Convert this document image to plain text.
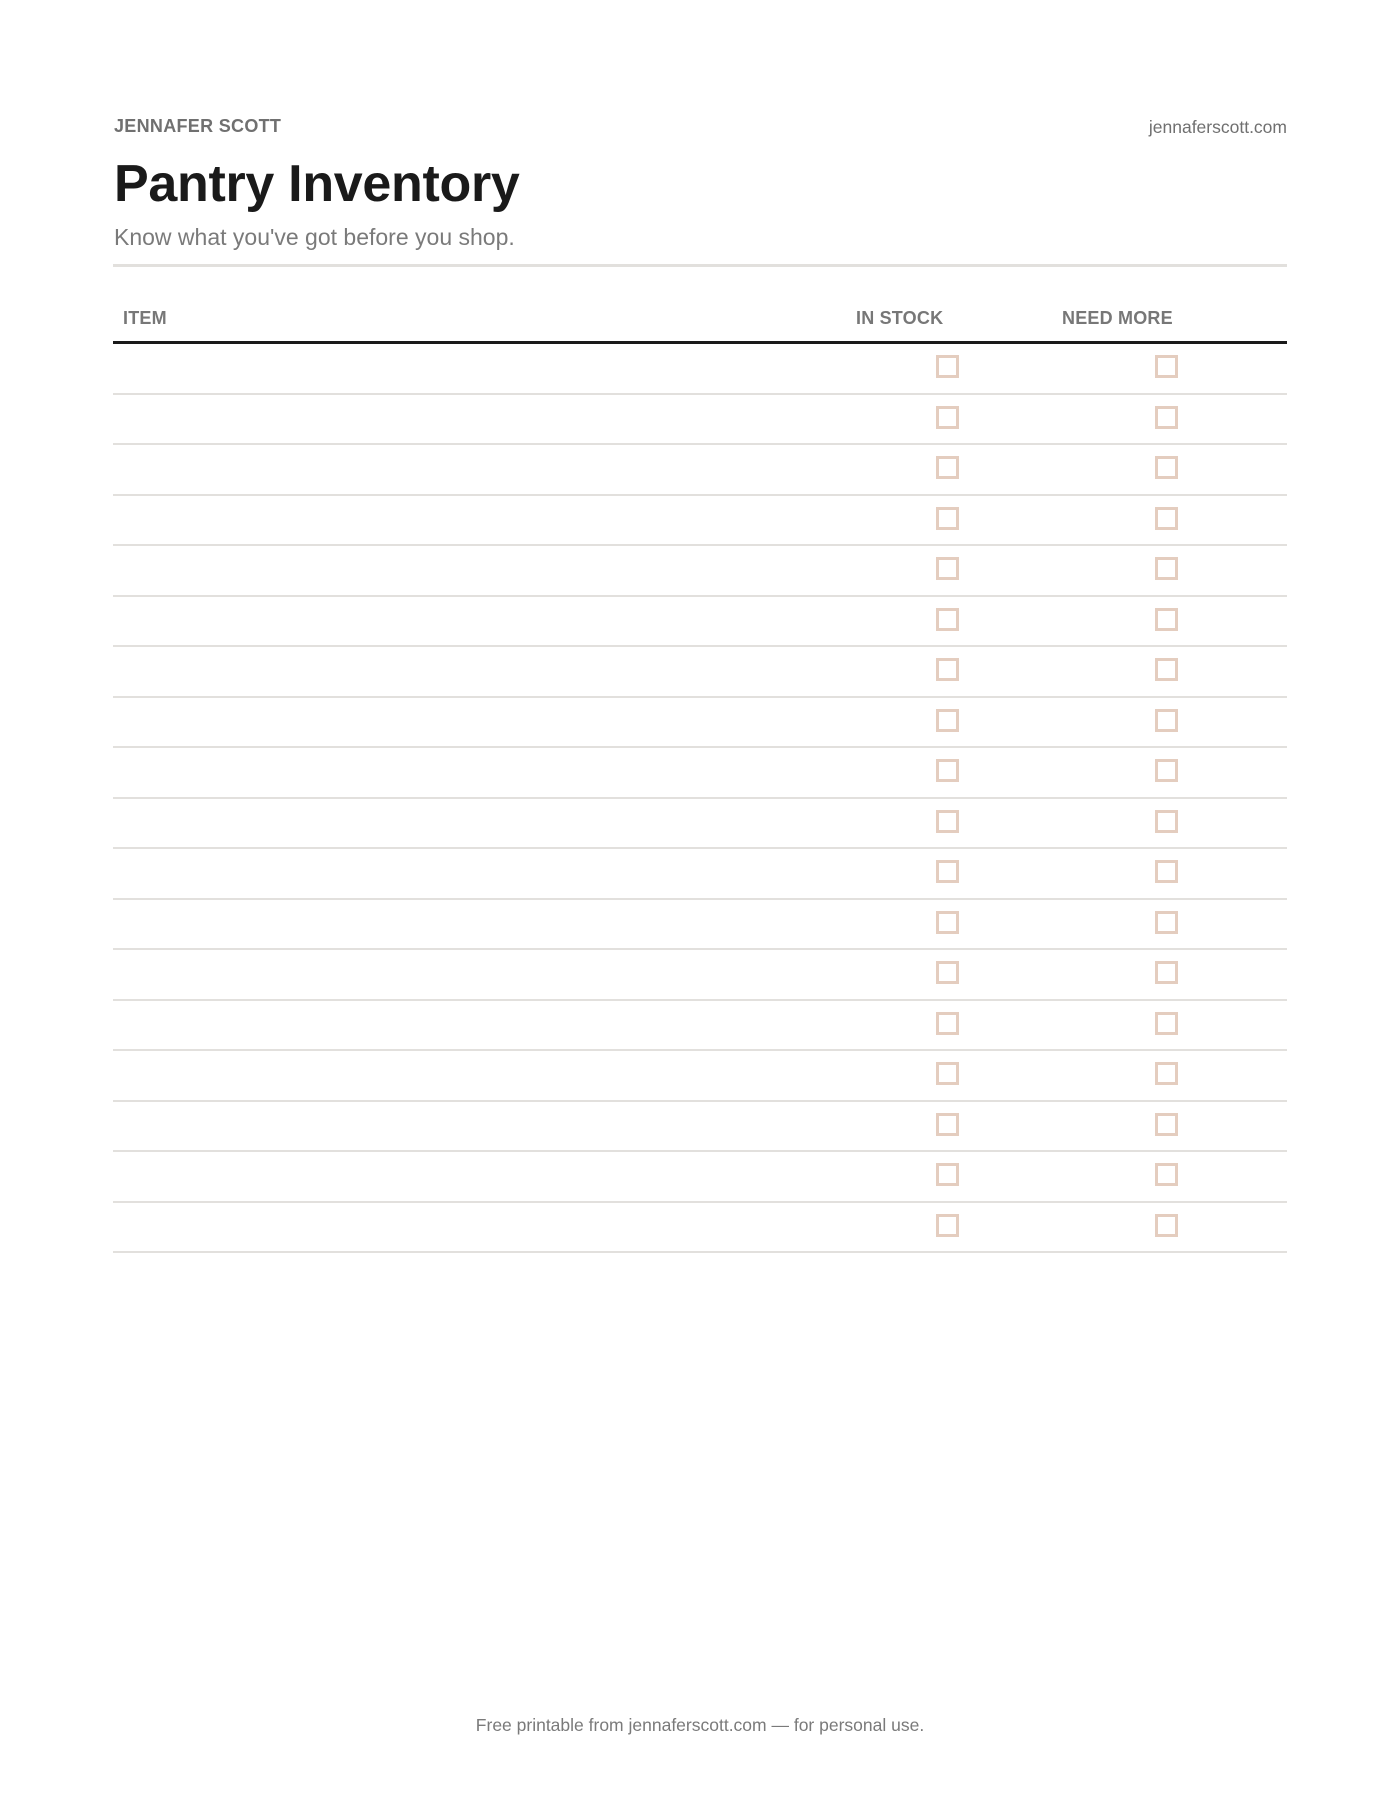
JENNAFER SCOTT	jennaferscott.com
Pantry Inventory
Know what you've got before you shop.
ITEM	IN STOCK	NEED MORE
Free printable from jennaferscott.com — for personal use.
